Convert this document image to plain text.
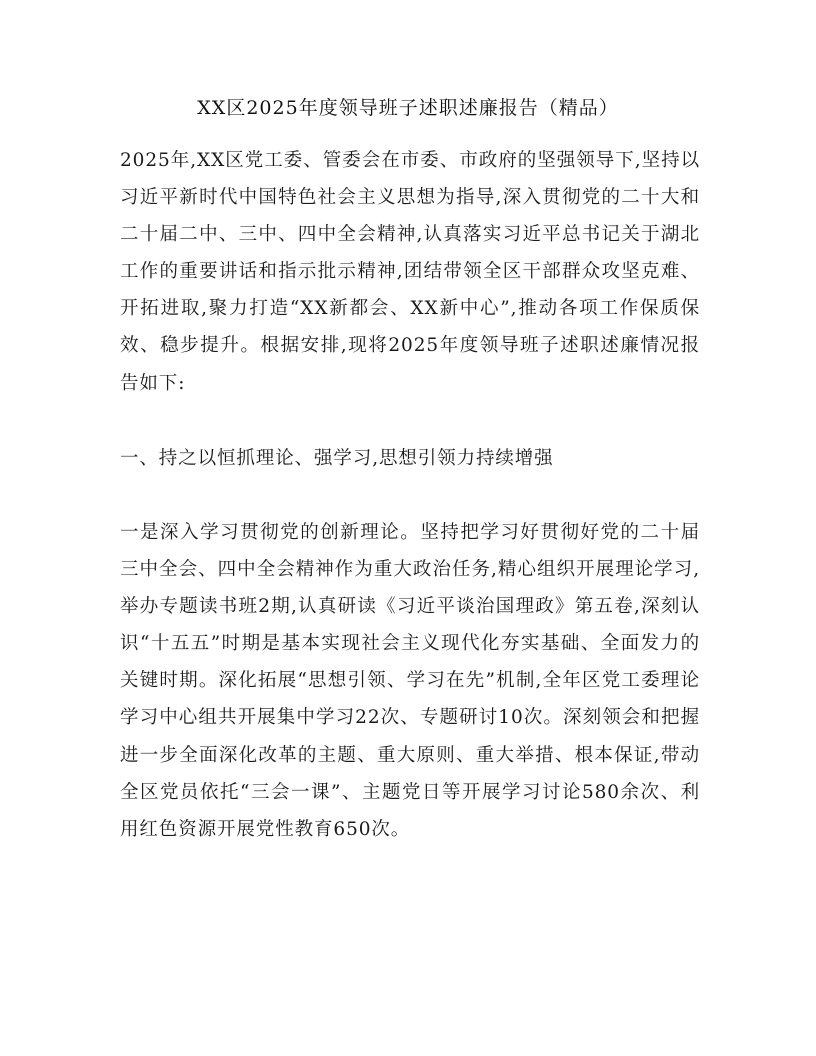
XX区2025年度领导班子述职述廉报告（精品）

2025年,XX区党工委、管委会在市委、市政府的坚强领导下,坚持以习近平新时代中国特色社会主义思想为指导,深入贯彻党的二十大和二十届二中、三中、四中全会精神,认真落实习近平总书记关于湖北工作的重要讲话和指示批示精神,团结带领全区干部群众攻坚克难、开拓进取,聚力打造“XX新都会、XX新中心”,推动各项工作保质保效、稳步提升。根据安排,现将2025年度领导班子述职述廉情况报告如下:

一、持之以恒抓理论、强学习,思想引领力持续增强

一是深入学习贯彻党的创新理论。坚持把学习好贯彻好党的二十届三中全会、四中全会精神作为重大政治任务,精心组织开展理论学习,举办专题读书班2期,认真研读《习近平谈治国理政》第五卷,深刻认识“十五五”时期是基本实现社会主义现代化夯实基础、全面发力的关键时期。深化拓展“思想引领、学习在先”机制,全年区党工委理论学习中心组共开展集中学习22次、专题研讨10次。深刻领会和把握进一步全面深化改革的主题、重大原则、重大举措、根本保证,带动全区党员依托“三会一课”、主题党日等开展学习讨论580余次、利用红色资源开展党性教育650次。
